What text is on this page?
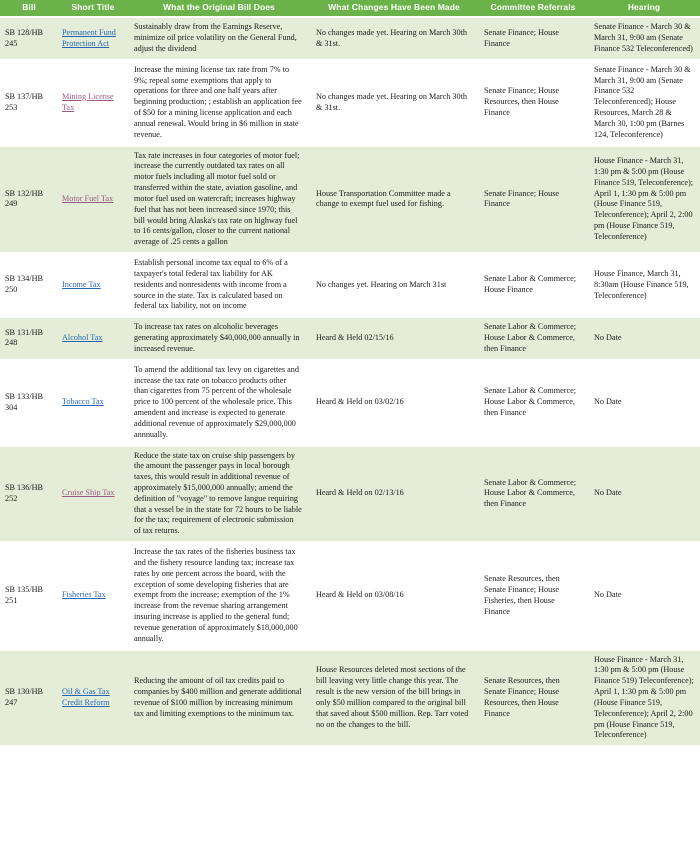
Bill	Short Title	What the Original Bill Does	What Changes Have Been Made	Committee Referrals	Hearing
SB 128/HB 245	Permanent Fund Protection Act	Sustainably draw from the Earnings Reserve, minimize oil price volatility on the General Fund, adjust the dividend	No changes made yet. Hearing on March 30th & 31st.	Senate Finance; House Finance	Senate Finance - March 30 & March 31, 9:00 am (Senate Finance 532 Teleconferenced)
SB 137/HB 253	Mining License Tax	Increase the mining license tax rate from 7% to 9%; repeal some exemptions that apply to operations for three and one half years after beginning production; ; establish an application fee of $50 for a mining license application and each annual renewal. Would bring in $6 million in state revenue.	No changes made yet. Hearing on March 30th & 31st.	Senate Finance; House Resources, then House Finance	Senate Finance - March 30 & March 31, 9:00 am (Senate Finance 532 Teleconferenced); House Resources, March 28 & March 30, 1:00 pm (Barnes 124, Teleconference)
SB 132/HB 249	Motor Fuel Tax	Tax rate increases in four categories of motor fuel; increase the currently outdated tax rates on all motor fuels including all motor fuel sold or transferred within the state, aviation gasoline, and motor fuel used on watercraft; increases highway fuel that has not been increased since 1970; this bill would bring Alaska's tax rate on highway fuel to 16 cents/gallon, closer to the current national average of .25 cents a gallon	House Transportation Committee made a change to exempt fuel used for fishing.	Senate Finance; House Finance	House Finance - March 31, 1:30 pm & 5:00 pm (House Finance 519, Teleconference); April 1, 1:30 pm & 5:00 pm (House Finance 519, Teleconference); April 2, 2:00 pm (House Finance 519, Teleconference)
SB 134/HB 250	Income Tax	Establish personal income tax equal to 6% of a taxpayer's total federal tax liability for AK residents and nonresidents with income from a source in the state. Tax is calculated based on federal tax liability, not on income	No changes yet. Hearing on March 31st	Senate Labor & Commerce; House Finance	House Finance, March 31, 8:30am (House Finance 519, Teleconference)
SB 131/HB 248	Alcohol Tax	To increase tax rates on alcoholic beverages generating approximately $40,000,000 annually in increased revenue.	Heard & Held 02/15/16	Senate Labor & Commerce; House Labor & Commerce, then Finance	No Date
SB 133/HB 304	Tobacco Tax	To amend the additional tax levy on cigarettes and increase the tax rate on tobacco products other than cigarettes from 75 percent of the wholesale price to 100 percent of the wholesale price. This amendent and increase is expected to generate additional revenue of approximately $29,000,000 annnually.	Heard & Held on 03/02/16	Senate Labor & Commerce; House Labor & Commerce, then Finance	No Date
SB 136/HB 252	Cruise Ship Tax	Reduce the state tax on cruise ship passengers by the amount the passenger pays in local borough taxes, this would result in additional revenue of approximately $15,000,000 annually; amend the definition of "voyage" to remove langue requiring that a vessel be in the state for 72 hours to be liable for the tax; requirement of electronic submission of tax returns.	Heard & Held on 02/13/16	Senate Labor & Commerce; House Labor & Commerce, then Finance	No Date
SB 135/HB 251	Fisheries Tax	Increase the tax rates of the fisheries business tax and the fishery resource landing tax; increase tax rates by one percent across the board, with the exception of some developing fisheries that are exempt from the increase; exemption of the 1% increase from the revenue sharing arrangement insuring increase is applied to the general fund; revenue generation of approximately $18,000,000 annually.	Heard & Held on 03/08/16	Senate Resources, then Senate Finance; House Fisheries, then House Finance	No Date
SB 130/HB 247	Oil & Gas Tax Credit Reform	Reducing the amount of oil tax credits paid to companies by $400 million and generate additional revenue of $100 million by increasing minimum tax and limiting exemptions to the minimum tax.	House Resources deleted most sections of the bill leaving very little change this year. The result is the new version of the bill brings in only $50 million compared to the original bill that saved about $500 million. Rep. Tarr voted no on the changes to the bill.	Senate Resources, then Senate Finance; House Resources, then House Finance	House Finance - March 31, 1:30 pm & 5:00 pm (House Finance 519) Teleconference); April 1, 1:30 pm & 5:00 pm (House Finance 519, Teleconference); April 2, 2:00 pm (House Finance 519, Teleconference)
